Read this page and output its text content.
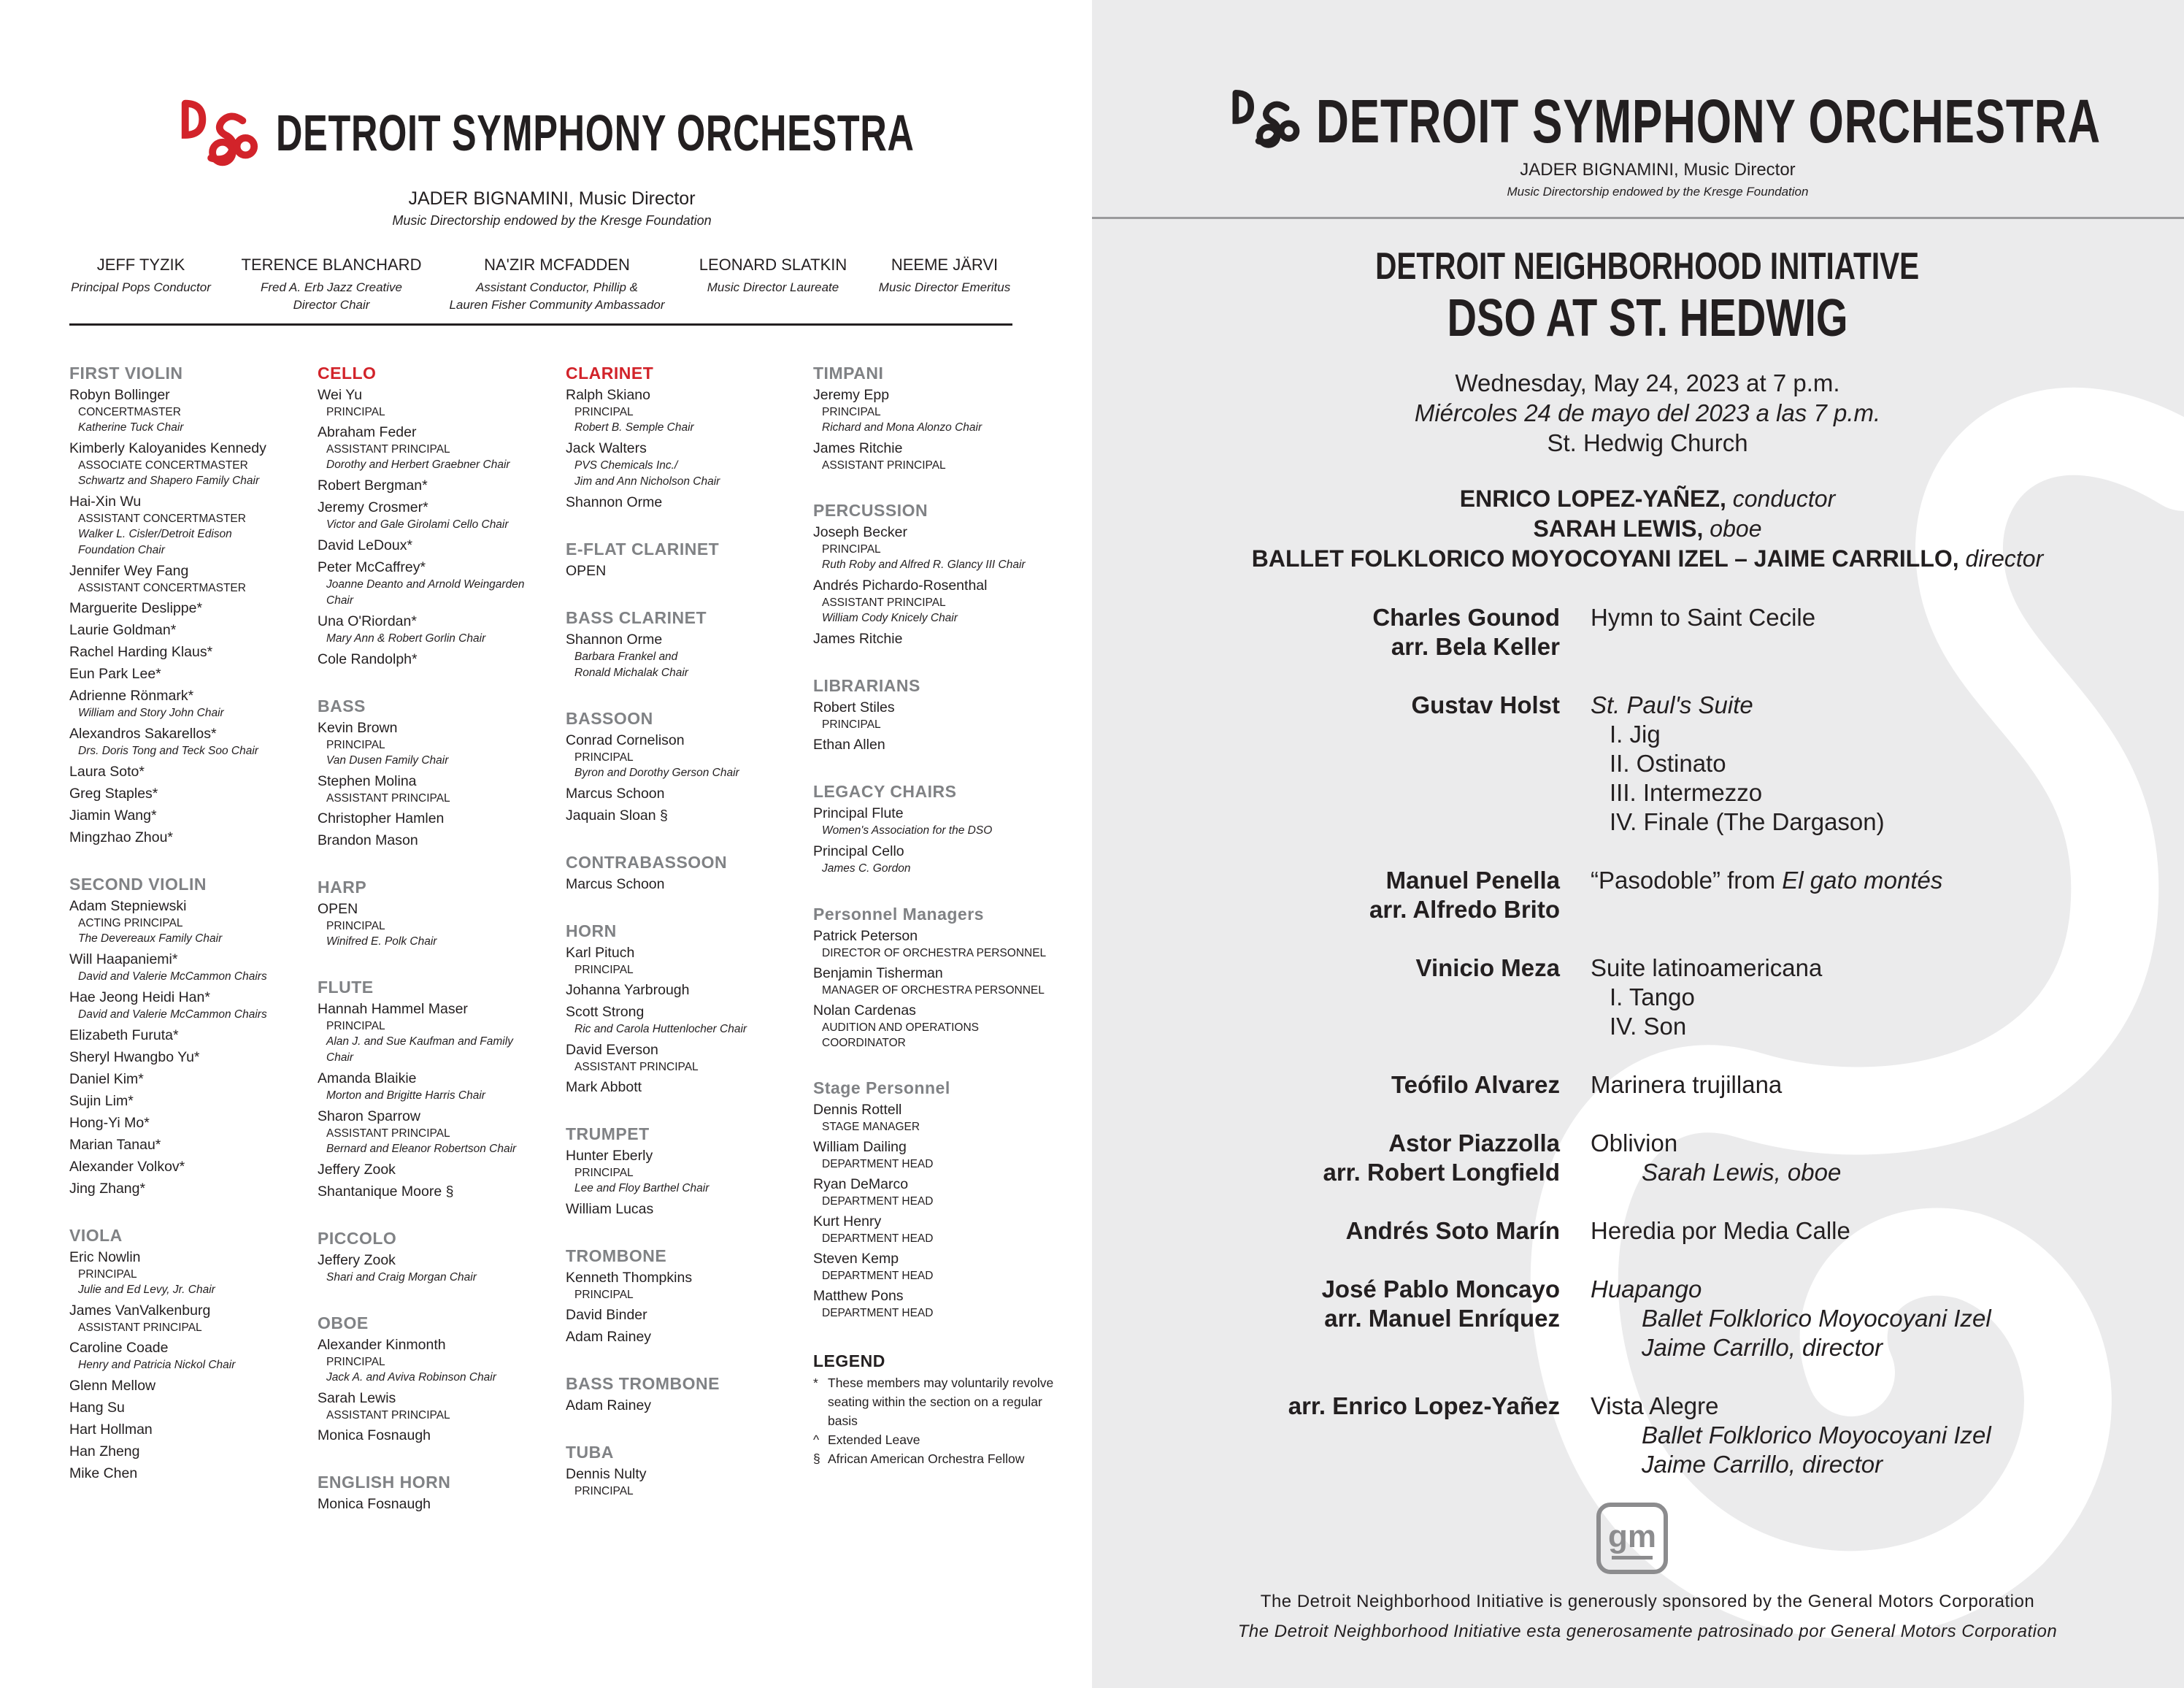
DETROIT SYMPHONY ORCHESTRA
JADER BIGNAMINI, Music Director
Music Directorship endowed by the Kresge Foundation
JEFF TYZIK
Principal Pops Conductor
TERENCE BLANCHARD
Fred A. Erb Jazz Creative
Director Chair
NA'ZIR MCFADDEN
Assistant Conductor, Phillip &
Lauren Fisher Community Ambassador
LEONARD SLATKIN
Music Director Laureate
NEEME JÄRVI
Music Director Emeritus
FIRST VIOLIN
Robyn Bollinger
CONCERTMASTER
Katherine Tuck Chair
Kimberly Kaloyanides Kennedy
ASSOCIATE CONCERTMASTER
Schwartz and Shapero Family Chair
Hai-Xin Wu
ASSISTANT CONCERTMASTER
Walker L. Cisler/Detroit Edison
Foundation Chair
Jennifer Wey Fang
ASSISTANT CONCERTMASTER
Marguerite Deslippe*
Laurie Goldman*
Rachel Harding Klaus*
Eun Park Lee*
Adrienne Rönmark*
William and Story John Chair
Alexandros Sakarellos*
Drs. Doris Tong and Teck Soo Chair
Laura Soto*
Greg Staples*
Jiamin Wang*
Mingzhao Zhou*
SECOND VIOLIN
Adam Stepniewski
ACTING PRINCIPAL
The Devereaux Family Chair
Will Haapaniemi*
David and Valerie McCammon Chairs
Hae Jeong Heidi Han*
David and Valerie McCammon Chairs
Elizabeth Furuta*
Sheryl Hwangbo Yu*
Daniel Kim*
Sujin Lim*
Hong-Yi Mo*
Marian Tanau*
Alexander Volkov*
Jing Zhang*
VIOLA
Eric Nowlin
PRINCIPAL
Julie and Ed Levy, Jr. Chair
James VanValkenburg
ASSISTANT PRINCIPAL
Caroline Coade
Henry and Patricia Nickol Chair
Glenn Mellow
Hang Su
Hart Hollman
Han Zheng
Mike Chen
CELLO
Wei Yu
PRINCIPAL
Abraham Feder
ASSISTANT PRINCIPAL
Dorothy and Herbert Graebner Chair
Robert Bergman*
Jeremy Crosmer*
Victor and Gale Girolami Cello Chair
David LeDoux*
Peter McCaffrey*
Joanne Deanto and Arnold Weingarden
Chair
Una O'Riordan*
Mary Ann & Robert Gorlin Chair
Cole Randolph*
BASS
Kevin Brown
PRINCIPAL
Van Dusen Family Chair
Stephen Molina
ASSISTANT PRINCIPAL
Christopher Hamlen
Brandon Mason
HARP
OPEN
PRINCIPAL
Winifred E. Polk Chair
FLUTE
Hannah Hammel Maser
PRINCIPAL
Alan J. and Sue Kaufman and Family
Chair
Amanda Blaikie
Morton and Brigitte Harris Chair
Sharon Sparrow
ASSISTANT PRINCIPAL
Bernard and Eleanor Robertson Chair
Jeffery Zook
Shantanique Moore §
PICCOLO
Jeffery Zook
Shari and Craig Morgan Chair
OBOE
Alexander Kinmonth
PRINCIPAL
Jack A. and Aviva Robinson Chair
Sarah Lewis
ASSISTANT PRINCIPAL
Monica Fosnaugh
ENGLISH HORN
Monica Fosnaugh
CLARINET
Ralph Skiano
PRINCIPAL
Robert B. Semple Chair
Jack Walters
PVS Chemicals Inc./
Jim and Ann Nicholson Chair
Shannon Orme
E-FLAT CLARINET
OPEN
BASS CLARINET
Shannon Orme
Barbara Frankel and
Ronald Michalak Chair
BASSOON
Conrad Cornelison
PRINCIPAL
Byron and Dorothy Gerson Chair
Marcus Schoon
Jaquain Sloan §
CONTRABASSOON
Marcus Schoon
HORN
Karl Pituch
PRINCIPAL
Johanna Yarbrough
Scott Strong
Ric and Carola Huttenlocher Chair
David Everson
ASSISTANT PRINCIPAL
Mark Abbott
TRUMPET
Hunter Eberly
PRINCIPAL
Lee and Floy Barthel Chair
William Lucas
TROMBONE
Kenneth Thompkins
PRINCIPAL
David Binder
Adam Rainey
BASS TROMBONE
Adam Rainey
TUBA
Dennis Nulty
PRINCIPAL
TIMPANI
Jeremy Epp
PRINCIPAL
Richard and Mona Alonzo Chair
James Ritchie
ASSISTANT PRINCIPAL
PERCUSSION
Joseph Becker
PRINCIPAL
Ruth Roby and Alfred R. Glancy III Chair
Andrés Pichardo-Rosenthal
ASSISTANT PRINCIPAL
William Cody Knicely Chair
James Ritchie
LIBRARIANS
Robert Stiles
PRINCIPAL
Ethan Allen
LEGACY CHAIRS
Principal Flute
Women's Association for the DSO
Principal Cello
James C. Gordon
Personnel Managers
Patrick Peterson
DIRECTOR OF ORCHESTRA PERSONNEL
Benjamin Tisherman
MANAGER OF ORCHESTRA PERSONNEL
Nolan Cardenas
AUDITION AND OPERATIONS COORDINATOR
Stage Personnel
Dennis Rottell
STAGE MANAGER
William Dailing
DEPARTMENT HEAD
Ryan DeMarco
DEPARTMENT HEAD
Kurt Henry
DEPARTMENT HEAD
Steven Kemp
DEPARTMENT HEAD
Matthew Pons
DEPARTMENT HEAD
LEGEND
* These members may voluntarily revolve seating within the section on a regular basis
^ Extended Leave
§ African American Orchestra Fellow
DETROIT SYMPHONY ORCHESTRA
JADER BIGNAMINI, Music Director
Music Directorship endowed by the Kresge Foundation
DETROIT NEIGHBORHOOD INITIATIVE
DSO AT ST. HEDWIG
Wednesday, May 24, 2023 at 7 p.m.
Miércoles 24 de mayo del 2023 a las 7 p.m.
St. Hedwig Church
ENRICO LOPEZ-YAÑEZ, conductor
SARAH LEWIS, oboe
BALLET FOLKLORICO MOYOCOYANI IZEL – JAIME CARRILLO, director
Charles Gounod
arr. Bela Keller
Hymn to Saint Cecile
Gustav Holst St. Paul's Suite
I. Jig
II. Ostinato
III. Intermezzo
IV. Finale (The Dargason)
Manuel Penella
arr. Alfredo Brito
“Pasodoble” from El gato montés
Vinicio Meza Suite latinoamericana
I. Tango
IV. Son
Teófilo Alvarez Marinera trujillana
Astor Piazzolla
arr. Robert Longfield
Oblivion
Sarah Lewis, oboe
Andrés Soto Marín Heredia por Media Calle
José Pablo Moncayo
arr. Manuel Enríquez
Huapango
Ballet Folklorico Moyocoyani Izel
Jaime Carrillo, director
arr. Enrico Lopez-Yañez Vista Alegre
Ballet Folklorico Moyocoyani Izel
Jaime Carrillo, director
gm
The Detroit Neighborhood Initiative is generously sponsored by the General Motors Corporation
The Detroit Neighborhood Initiative esta generosamente patrosinado por General Motors Corporation
